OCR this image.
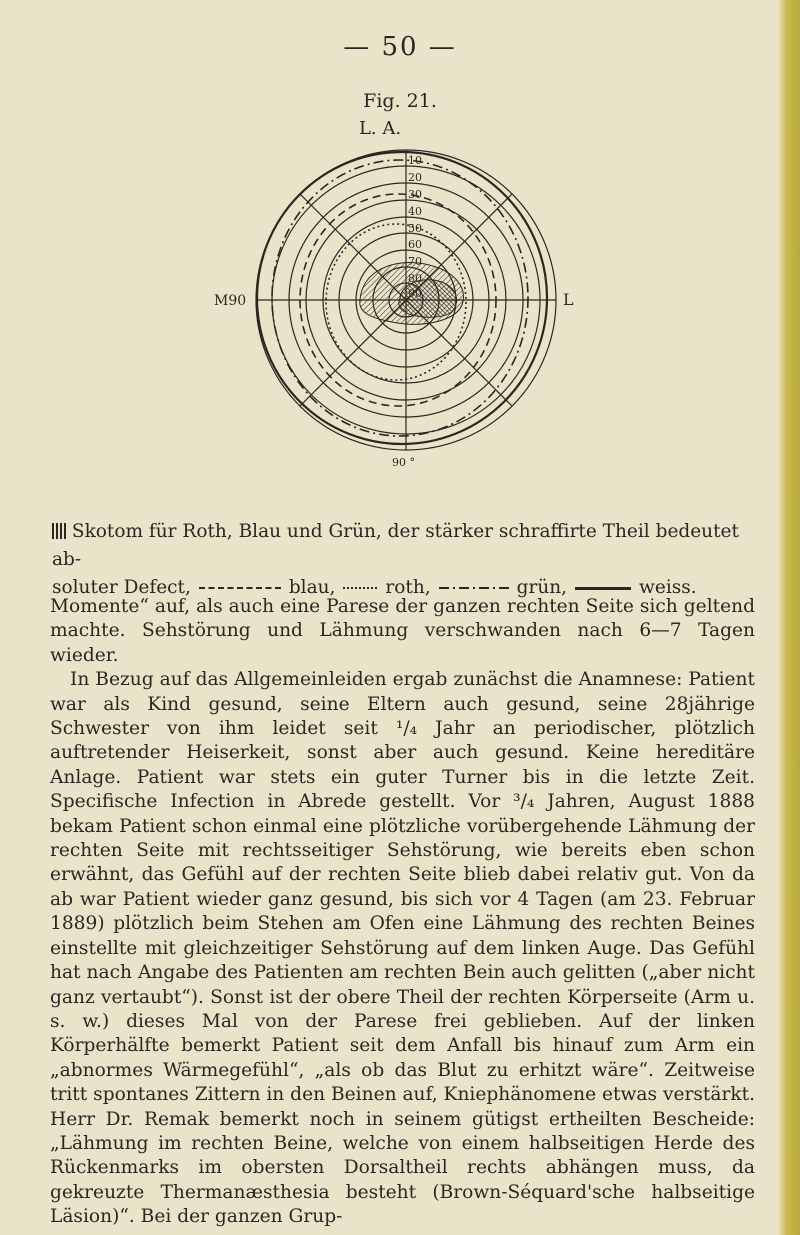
— 50 —
Fig. 21.
L. A.
10
20
30
40
50
60
70
80
90
M90	L
90 °
Skotom für Roth, Blau und Grün, der stärker schraffirte Theil bedeutet ab-
soluter Defect,	blau,	roth,	grün,	weiss.

Momente“ auf, als auch eine Parese der ganzen rechten Seite sich geltend machte. Sehstörung und Lähmung verschwanden nach 6—7 Tagen wieder.

In Bezug auf das Allgemeinleiden ergab zunächst die Anamnese: Patient war als Kind gesund, seine Eltern auch gesund, seine 28jährige Schwester von ihm leidet seit ¹/₄ Jahr an periodischer, plötzlich auftretender Heiserkeit, sonst aber auch gesund. Keine hereditäre Anlage. Patient war stets ein guter Turner bis in die letzte Zeit. Specifische Infection in Abrede gestellt. Vor ³/₄ Jahren, August 1888 bekam Patient schon einmal eine plötzliche vorübergehende Lähmung der rechten Seite mit rechtsseitiger Sehstörung, wie bereits eben schon erwähnt, das Gefühl auf der rechten Seite blieb dabei relativ gut. Von da ab war Patient wieder ganz gesund, bis sich vor 4 Tagen (am 23. Februar 1889) plötzlich beim Stehen am Ofen eine Lähmung des rechten Beines einstellte mit gleichzeitiger Sehstörung auf dem linken Auge. Das Gefühl hat nach Angabe des Patienten am rechten Bein auch gelitten („aber nicht ganz vertaubt“). Sonst ist der obere Theil der rechten Körperseite (Arm u. s. w.) dieses Mal von der Parese frei geblieben. Auf der linken Körperhälfte bemerkt Patient seit dem Anfall bis hinauf zum Arm ein „abnormes Wärmegefühl“, „als ob das Blut zu erhitzt wäre“. Zeitweise tritt spontanes Zittern in den Beinen auf, Kniephänomene etwas verstärkt. Herr Dr. Remak bemerkt noch in seinem gütigst ertheilten Bescheide: „Lähmung im rechten Beine, welche von einem halbseitigen Herde des Rückenmarks im obersten Dorsaltheil rechts abhängen muss, da gekreuzte Thermanæsthesia besteht (Brown-Séquard'sche halbseitige Läsion)“. Bei der ganzen Grup-
